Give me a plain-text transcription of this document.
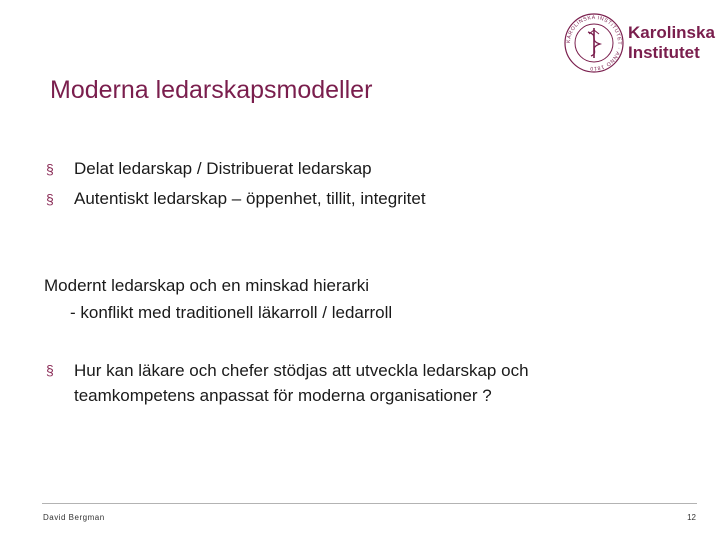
KAROLINSKA INSTITUTET · ANNO 1810
Karolinska
Institutet
Moderna ledarskapsmodeller
§	Delat ledarskap / Distribuerat ledarskap
§	Autentiskt ledarskap – öppenhet, tillit, integritet
Modernt ledarskap och en minskad hierarki
- konflikt med traditionell läkarroll / ledarroll
§	Hur kan läkare och chefer stödjas att utveckla ledarskap och teamkompetens anpassat för moderna organisationer ?
David Bergman	12
